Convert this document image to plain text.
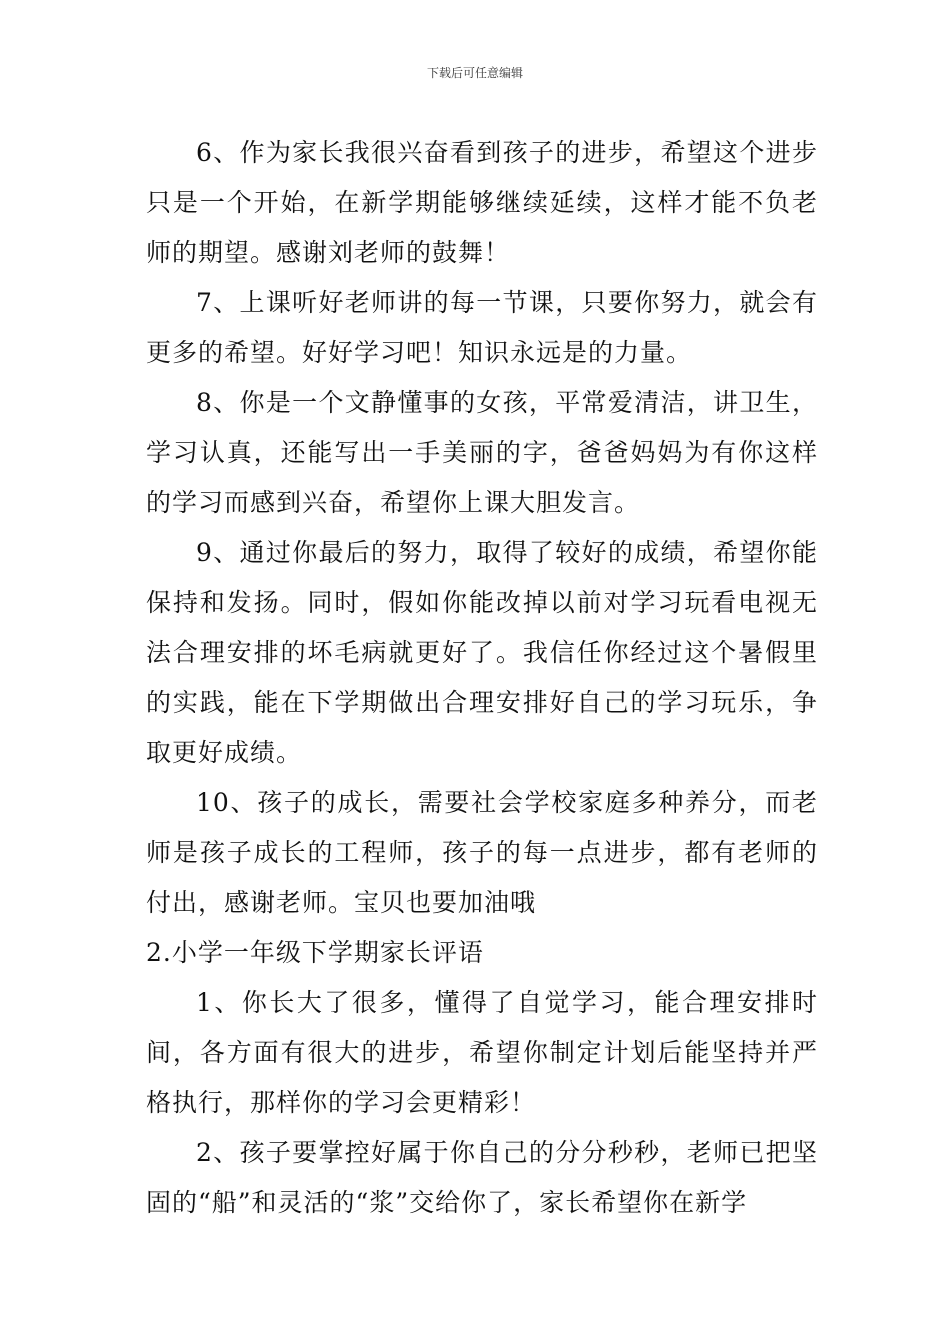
下载后可任意编辑

6、作为家长我很兴奋看到孩子的进步，希望这个进步只是一个开始，在新学期能够继续延续，这样才能不负老师的期望。感谢刘老师的鼓舞！

7、上课听好老师讲的每一节课，只要你努力，就会有更多的希望。好好学习吧！知识永远是的力量。

8、你是一个文静懂事的女孩，平常爱清洁，讲卫生，学习认真，还能写出一手美丽的字，爸爸妈妈为有你这样的学习而感到兴奋，希望你上课大胆发言。

9、通过你最后的努力，取得了较好的成绩，希望你能保持和发扬。同时，假如你能改掉以前对学习玩看电视无法合理安排的坏毛病就更好了。我信任你经过这个暑假里的实践，能在下学期做出合理安排好自己的学习玩乐，争取更好成绩。

10、孩子的成长，需要社会学校家庭多种养分，而老师是孩子成长的工程师，孩子的每一点进步，都有老师的付出，感谢老师。宝贝也要加油哦

2.小学一年级下学期家长评语

1、你长大了很多，懂得了自觉学习，能合理安排时间，各方面有很大的进步，希望你制定计划后能坚持并严格执行，那样你的学习会更精彩！

2、孩子要掌控好属于你自己的分分秒秒，老师已把坚固的“船”和灵活的“浆”交给你了，家长希望你在新学
